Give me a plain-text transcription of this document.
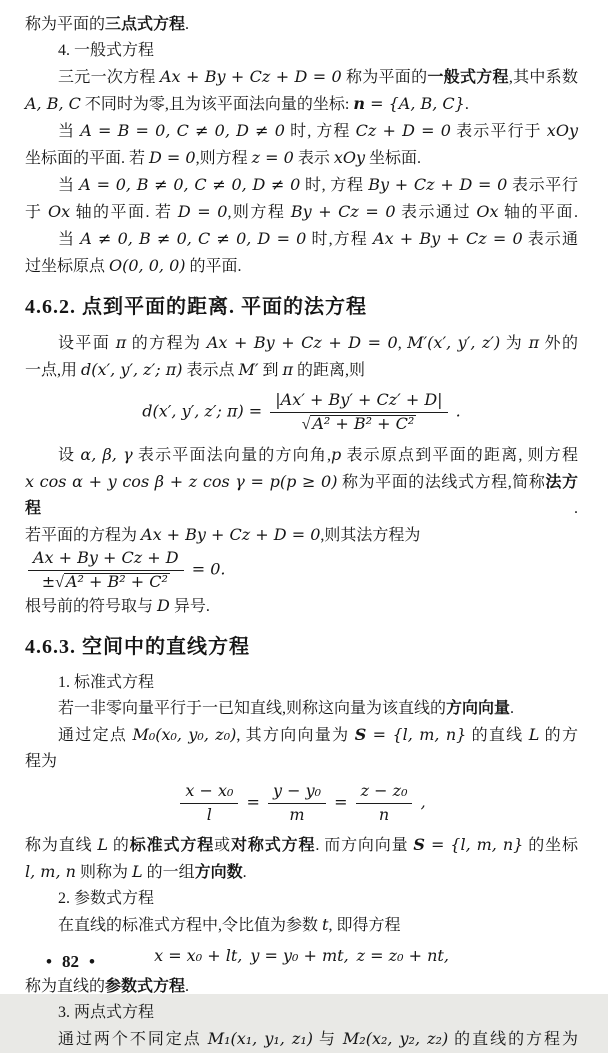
称为平面的三点式方程.
4. 一般式方程
三元一次方程 Ax + By + Cz + D = 0 称为平面的一般式方程,其中系数
A, B, C 不同时为零,且为该平面法向量的坐标: n = {A, B, C}.
当 A = B = 0, C ≠ 0, D ≠ 0 时, 方程 Cz + D = 0 表示平行于 xOy
坐标面的平面. 若 D = 0,则方程 z = 0 表示 xOy 坐标面.
当 A = 0, B ≠ 0, C ≠ 0, D ≠ 0 时, 方程 By + Cz + D = 0 表示平行
于 Ox 轴的平面. 若 D = 0,则方程 By + Cz = 0 表示通过 Ox 轴的平面.
当 A ≠ 0, B ≠ 0, C ≠ 0, D = 0 时,方程 Ax + By + Cz = 0 表示通
过坐标原点 O(0, 0, 0) 的平面.
4.6.2. 点到平面的距离. 平面的法方程
设平面 π 的方程为 Ax + By + Cz + D = 0, M′(x′, y′, z′) 为 π 外的
一点,用 d(x′, y′, z′; π) 表示点 M′ 到 π 的距离,则
d(x′, y′, z′; $\pi) = \frac{|Ax' + By' + Cz' + D|}{\text{√ A² + B² + C²}}$ .
设 α, β, γ 表示平面法向量的方向角,p 表示原点到平面的距离, 则方程
x cos α + y cos β + z cos γ = p(p ≥ 0) 称为平面的法线式方程,简称法方程.
若平面的方程为 Ax + By + Cz + D = 0,则其法方程为
$\frac{Ax + By + Cz + D}{\text{±√ A² + B² + C²}} = 0$.
根号前的符号取与 D 异号.
4.6.3. 空间中的直线方程
1. 标准式方程
若一非零向量平行于一已知直线,则称这向量为该直线的方向向量.
通过定点 M₀(x₀, y₀, z₀), 其方向向量为 S = {l, m, n} 的直线 L 的方
程为
$\frac{\text{x − x₀}}{l} = \frac{\text{y − y₀}}{m} = \frac{\text{z − z₀}}{n}$ ,
称为直线 L 的标准式方程或对称式方程. 而方向向量 S = {l, m, n} 的坐标
l, m, n 则称为 L 的一组方向数.
2. 参数式方程
在直线的标准式方程中,令比值为参数 t, 即得方程
x = x₀ + lt, y = y₀ + mt, z = z₀ + nt,
称为直线的参数式方程.
3. 两点式方程
通过两个不同定点 M₁(x₁, y₁, z₁) 与 M₂(x₂, y₂, z₂) 的直线的方程为
• 82 •
